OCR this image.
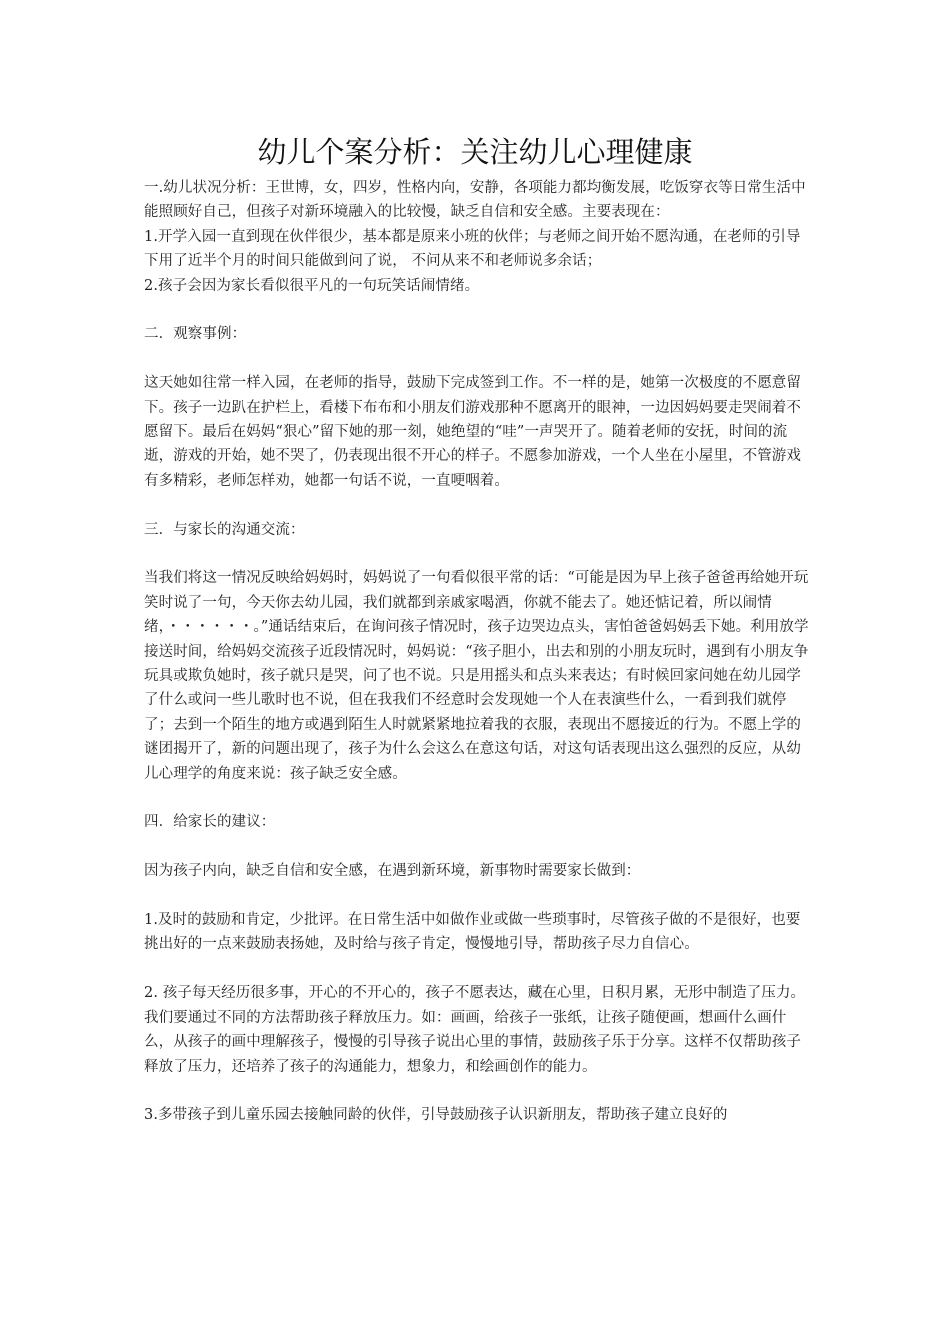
幼儿个案分析：关注幼儿心理健康

一.幼儿状况分析：王世博，女，四岁，性格内向，安静，各项能力都均衡发展，吃饭穿衣等日常生活中能照顾好自己，但孩子对新环境融入的比较慢，缺乏自信和安全感。主要表现在：

1.开学入园一直到现在伙伴很少，基本都是原来小班的伙伴；与老师之间开始不愿沟通，在老师的引导下用了近半个月的时间只能做到问了说， 不问从来不和老师说多余话；

2.孩子会因为家长看似很平凡的一句玩笑话闹情绪。

二．观察事例：

这天她如往常一样入园，在老师的指导，鼓励下完成签到工作。不一样的是，她第一次极度的不愿意留下。孩子一边趴在护栏上，看楼下布布和小朋友们游戏那种不愿离开的眼神，一边因妈妈要走哭闹着不愿留下。最后在妈妈“狠心”留下她的那一刻，她绝望的“哇”一声哭开了。随着老师的安抚，时间的流逝，游戏的开始，她不哭了，仍表现出很不开心的样子。不愿参加游戏，一个人坐在小屋里，不管游戏有多精彩，老师怎样劝，她都一句话不说，一直哽咽着。

三．与家长的沟通交流：

当我们将这一情况反映给妈妈时，妈妈说了一句看似很平常的话：“可能是因为早上孩子爸爸再给她开玩笑时说了一句，今天你去幼儿园，我们就都到亲戚家喝酒，你就不能去了。她还惦记着，所以闹情绪，・・・・・・。”通话结束后，在询问孩子情况时，孩子边哭边点头，害怕爸爸妈妈丢下她。利用放学接送时间，给妈妈交流孩子近段情况时，妈妈说：“孩子胆小，出去和别的小朋友玩时，遇到有小朋友争玩具或欺负她时，孩子就只是哭，问了也不说。只是用摇头和点头来表达；有时候回家问她在幼儿园学了什么或问一些儿歌时也不说，但在我我们不经意时会发现她一个人在表演些什么，一看到我们就停了；去到一个陌生的地方或遇到陌生人时就紧紧地拉着我的衣服，表现出不愿接近的行为。不愿上学的谜团揭开了，新的问题出现了，孩子为什么会这么在意这句话，对这句话表现出这么强烈的反应，从幼儿心理学的角度来说：孩子缺乏安全感。

四．给家长的建议：

因为孩子内向，缺乏自信和安全感，在遇到新环境，新事物时需要家长做到：

1.及时的鼓励和肯定，少批评。在日常生活中如做作业或做一些琐事时，尽管孩子做的不是很好，也要挑出好的一点来鼓励表扬她，及时给与孩子肯定，慢慢地引导，帮助孩子尽力自信心。

2. 孩子每天经历很多事，开心的不开心的，孩子不愿表达，藏在心里，日积月累，无形中制造了压力。我们要通过不同的方法帮助孩子释放压力。如：画画，给孩子一张纸，让孩子随便画，想画什么画什么，从孩子的画中理解孩子，慢慢的引导孩子说出心里的事情，鼓励孩子乐于分享。这样不仅帮助孩子释放了压力，还培养了孩子的沟通能力，想象力，和绘画创作的能力。

3.多带孩子到儿童乐园去接触同龄的伙伴，引导鼓励孩子认识新朋友，帮助孩子建立良好的
